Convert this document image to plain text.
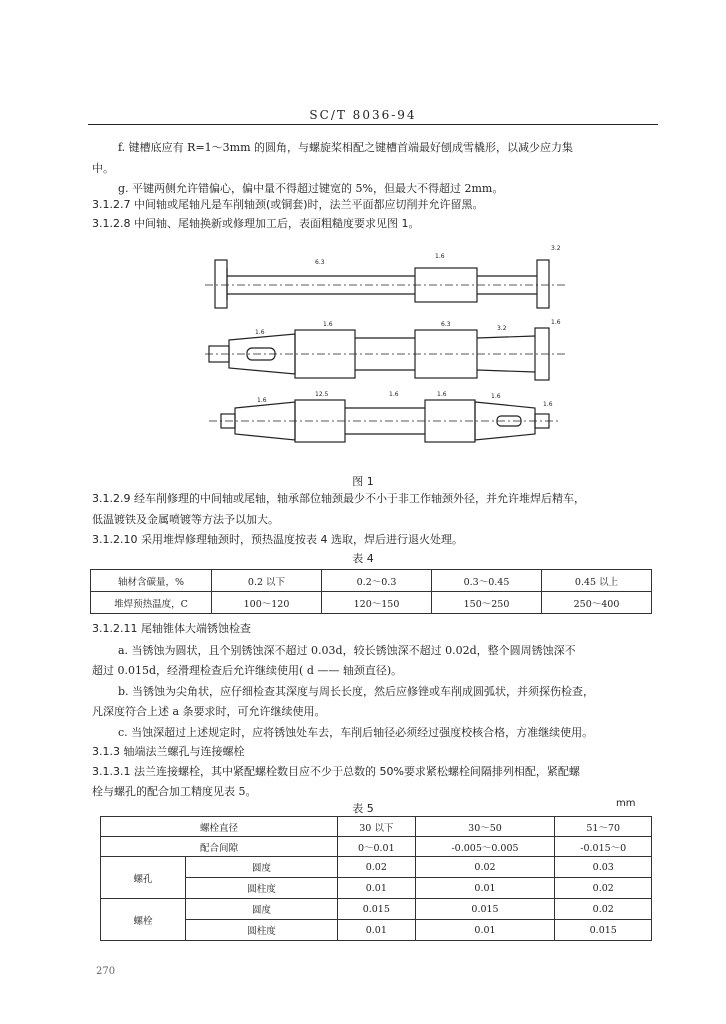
SC/T 8036-94
f. 键槽底应有 R=1～3mm 的圆角，与螺旋桨相配之键槽首端最好刨成雪橇形，以减少应力集
中。
g. 平键两侧允许错偏心，偏中量不得超过键宽的 5%，但最大不得超过 2mm。
3.1.2.7 中间轴或尾轴凡是车削轴颈(或铜套)时，法兰平面都应切削并允许留黑。
3.1.2.8 中间轴、尾轴换新或修理加工后，表面粗糙度要求见图 1。
6.3
1.6
3.2
1.6
1.6	6.3
3.2
1.6
1.6
12.5	1.6	1.6	1.6
1.6
图 1
3.1.2.9 经车削修理的中间轴或尾轴，轴承部位轴颈最少不小于非工作轴颈外径，并允许堆焊后精车，
低温镀铁及金属喷镀等方法予以加大。
3.1.2.10 采用堆焊修理轴颈时，预热温度按表 4 选取，焊后进行退火处理。
表 4
轴材含碳量，%	0.2 以下	0.2～0.3	0.3～0.45	0.45 以上
堆焊预热温度，C	100～120	120～150	150～250	250～400
3.1.2.11 尾轴锥体大端锈蚀检查
a. 当锈蚀为圆状，且个别锈蚀深不超过 0.03d，较长锈蚀深不超过 0.02d，整个圆周锈蚀深不
超过 0.015d，经滑理检查后允许继续使用( d —— 轴颈直径)。
b. 当锈蚀为尖角状，应仔细检查其深度与周长长度，然后应修锉或车削成圆弧状，并须探伤检查，
凡深度符合上述 a 条要求时，可允许继续使用。
c. 当蚀深超过上述规定时，应将锈蚀处车去，车削后轴径必须经过强度校核合格，方准继续使用。
3.1.3 轴端法兰螺孔与连接螺栓
3.1.3.1 法兰连接螺栓，其中紧配螺栓数目应不少于总数的 50%要求紧松螺栓间隔排列相配，紧配螺
栓与螺孔的配合加工精度见表 5。
表 5	mm
螺栓直径		30 以下	30～50	51～70
配合间隙		0～0.01	-0.005～0.005	-0.015～0
螺孔	圆度	0.02	0.02	0.03
	圆柱度	0.01	0.01	0.02
螺栓	圆度	0.015	0.015	0.02
	圆柱度	0.01	0.01	0.015
270
